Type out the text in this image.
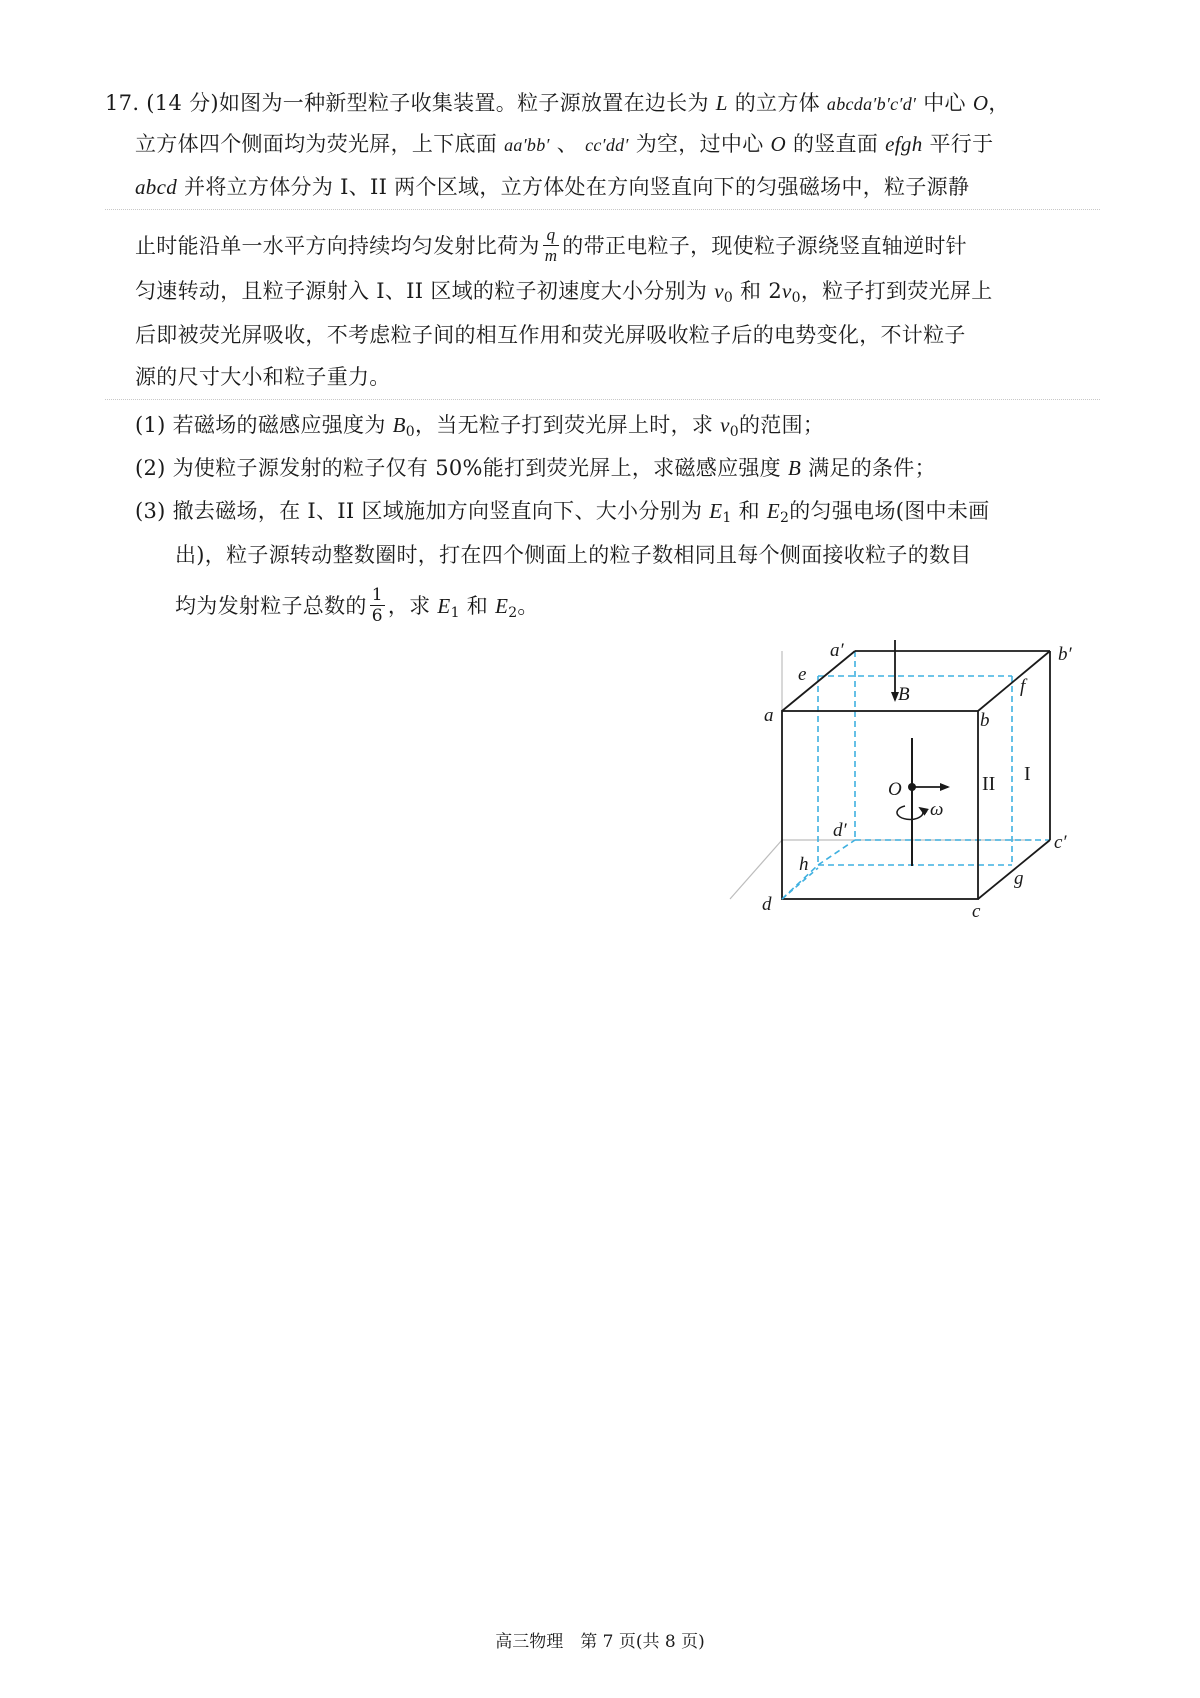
17. (14 分)如图为一种新型粒子收集装置。粒子源放置在边长为 L 的立方体 abcda′b′c′d′ 中心 O，
立方体四个侧面均为荧光屏，上下底面 aa′bb′ 、 cc′dd′ 为空，过中心 O 的竖直面 efgh 平行于
abcd 并将立方体分为 I、II 两个区域，立方体处在方向竖直向下的匀强磁场中，粒子源静
止时能沿单一水平方向持续均匀发射比荷为 $\frac{q}{m}$ 的带正电粒子，现使粒子源绕竖直轴逆时针
匀速转动，且粒子源射入 I、II 区域的粒子初速度大小分别为 $v_0$ 和 $2v_0$，粒子打到荧光屏上
后即被荧光屏吸收，不考虑粒子间的相互作用和荧光屏吸收粒子后的电势变化，不计粒子
源的尺寸大小和粒子重力。
(1) 若磁场的磁感应强度为 $B_0$，当无粒子打到荧光屏上时，求 $v_0$的范围；
(2) 为使粒子源发射的粒子仅有 50%能打到荧光屏上，求磁感应强度 B 满足的条件；
(3) 撤去磁场，在 I、II 区域施加方向竖直向下、大小分别为 $E_1$ 和 $E_2$的匀强电场(图中未画
出)，粒子源转动整数圈时，打在四个侧面上的粒子数相同且每个侧面接收粒子的数目
均为发射粒子总数的 $\frac{1}{6}$ ，求 $E_1$ 和 $E_2$。
a	b
c
d
a′	b′
c′
d′
e
f
g
h
B
O
ω
I
II
高三物理　第 7 页(共 8 页)
